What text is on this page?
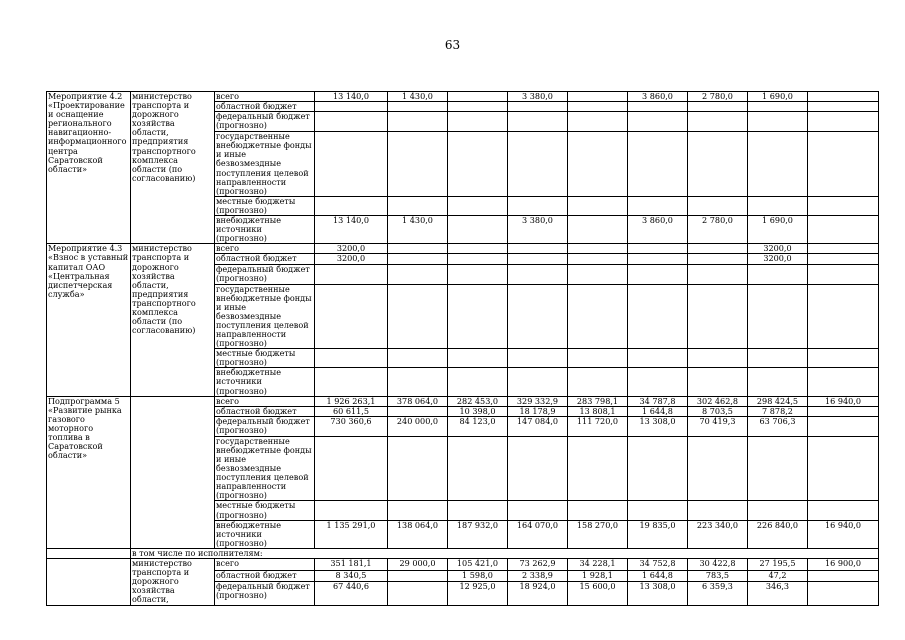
63
Мероприятие 4.2 «Проектирование и оснащение регионального навигационно-информационного центра Саратовской области»	министерство транспорта и дорожного хозяйства области, предприятия транспортного комплекса области (по согласованию)	всего	13 140,0	1 430,0		3 380,0		3 860,0	2 780,0	1 690,0	
		областной бюджет									
		федеральный бюджет (прогнозно)									
		государственные внебюджетные фонды и иные безвозмездные поступления целевой направленности (прогнозно)									
		местные бюджеты (прогнозно)									
		внебюджетные источники (прогнозно)	13 140,0	1 430,0		3 380,0		3 860,0	2 780,0	1 690,0	
Мероприятие 4.3 «Взнос в уставный капитал ОАО «Центральная диспетчерская служба»	министерство транспорта и дорожного хозяйства области, предприятия транспортного комплекса области (по согласованию)	всего	3200,0							3200,0	
		областной бюджет	3200,0							3200,0	
		федеральный бюджет (прогнозно)									
		государственные внебюджетные фонды и иные безвозмездные поступления целевой направленности (прогнозно)									
		местные бюджеты (прогнозно)									
		внебюджетные источники (прогнозно)									
Подпрограмма 5 «Развитие рынка газового моторного топлива в Саратовской области»		всего	1 926 263,1	378 064,0	282 453,0	329 332,9	283 798,1	34 787,8	302 462,8	298 424,5	16 940,0
		областной бюджет	60 611,5		10 398,0	18 178,9	13 808,1	1 644,8	8 703,5	7 878,2	
		федеральный бюджет (прогнозно)	730 360,6	240 000,0	84 123,0	147 084,0	111 720,0	13 308,0	70 419,3	63 706,3	
		государственные внебюджетные фонды и иные безвозмездные поступления целевой направленности (прогнозно)									
		местные бюджеты (прогнозно)									
		внебюджетные источники (прогнозно)	1 135 291,0	138 064,0	187 932,0	164 070,0	158 270,0	19 835,0	223 340,0	226 840,0	16 940,0
	в том числе по исполнителям:										
	министерство транспорта и дорожного хозяйства области,	всего	351 181,1	29 000,0	105 421,0	73 262,9	34 228,1	34 752,8	30 422,8	27 195,5	16 900,0
		областной бюджет	8 340,5		1 598,0	2 338,9	1 928,1	1 644,8	783,5	47,2	
		федеральный бюджет (прогнозно)	67 440,6		12 925,0	18 924,0	15 600,0	13 308,0	6 359,3	346,3	
